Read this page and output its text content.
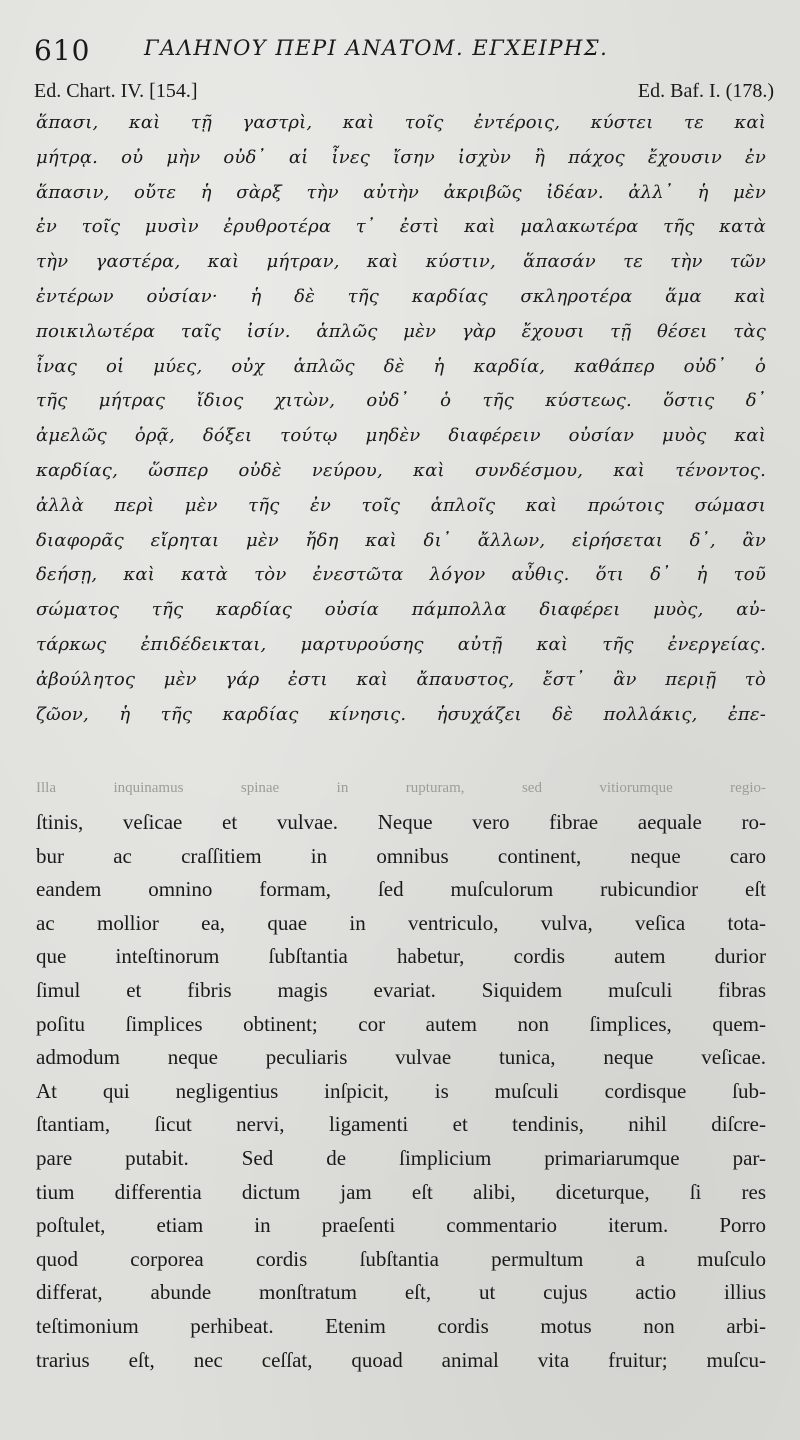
610	ΓΑΛΗΝΟΥ ΠΕΡΙ ΑΝΑΤΟΜ. ΕΓΧΕΙΡΗΣ.
Ed. Chart. IV. [154.]	Ed. Baf. I. (178.)
ἅπασι, καὶ τῇ γαστρὶ, καὶ τοῖς ἐντέροις, κύστει τε καὶ
μήτρᾳ. οὐ μὴν οὐδ᾽ αἱ ἶνες ἴσην ἰσχὺν ἢ πάχος ἔχουσιν ἐν
ἅπασιν, οὔτε ἡ σὰρξ τὴν αὐτὴν ἀκριβῶς ἰδέαν. ἀλλ᾽ ἡ μὲν
ἐν τοῖς μυσὶν ἐρυθροτέρα τ᾽ ἐστὶ καὶ μαλακωτέρα τῆς κατὰ
τὴν γαστέρα, καὶ μήτραν, καὶ κύστιν, ἅπασάν τε τὴν τῶν
ἐντέρων οὐσίαν· ἡ δὲ τῆς καρδίας σκληροτέρα ἅμα καὶ
ποικιλωτέρα ταῖς ἰσίν. ἁπλῶς μὲν γὰρ ἔχουσι τῇ θέσει τὰς
ἶνας οἱ μύες, οὐχ ἁπλῶς δὲ ἡ καρδία, καθάπερ οὐδ᾽ ὁ
τῆς μήτρας ἴδιος χιτὼν, οὐδ᾽ ὁ τῆς κύστεως. ὅστις δ᾽
ἀμελῶς ὁρᾷ, δόξει τούτῳ μηδὲν διαφέρειν οὐσίαν μυὸς καὶ
καρδίας, ὥσπερ οὐδὲ νεύρου, καὶ συνδέσμου, καὶ τένοντος.
ἀλλὰ περὶ μὲν τῆς ἐν τοῖς ἁπλοῖς καὶ πρώτοις σώμασι
διαφορᾶς εἴρηται μὲν ἤδη καὶ δι᾽ ἄλλων, εἰρήσεται δ᾽, ἂν
δεήσῃ, καὶ κατὰ τὸν ἐνεστῶτα λόγον αὖθις. ὅτι δ᾽ ἡ τοῦ
σώματος τῆς καρδίας οὐσία πάμπολλα διαφέρει μυὸς, αὐ-
τάρκως ἐπιδέδεικται, μαρτυρούσης αὐτῇ καὶ τῆς ἐνεργείας.
ἀβούλητος μὲν γάρ ἐστι καὶ ἄπαυστος, ἔστ᾽ ἂν περιῇ τὸ
ζῶον, ἡ τῆς καρδίας κίνησις. ἡσυχάζει δὲ πολλάκις, ἐπε-
Illa inquinamus spinae in rupturam, sed vitiorumque regio-
ſtinis, veſicae et vulvae. Neque vero fibrae aequale ro-
bur ac craſſitiem in omnibus continent, neque caro
eandem omnino formam, ſed muſculorum rubicundior eſt
ac mollior ea, quae in ventriculo, vulva, veſica tota-
que inteſtinorum ſubſtantia habetur, cordis autem durior
ſimul et fibris magis evariat. Siquidem muſculi fibras
poſitu ſimplices obtinent; cor autem non ſimplices, quem-
admodum neque peculiaris vulvae tunica, neque veſicae.
At qui negligentius inſpicit, is muſculi cordisque ſub-
ſtantiam, ſicut nervi, ligamenti et tendinis, nihil diſcre-
pare putabit. Sed de ſimplicium primariarumque par-
tium differentia dictum jam eſt alibi, diceturque, ſi res
poſtulet, etiam in praeſenti commentario iterum. Porro
quod corporea cordis ſubſtantia permultum a muſculo
differat, abunde monſtratum eſt, ut cujus actio illius
teſtimonium perhibeat. Etenim cordis motus non arbi-
trarius eſt, nec ceſſat, quoad animal vita fruitur; muſcu-
